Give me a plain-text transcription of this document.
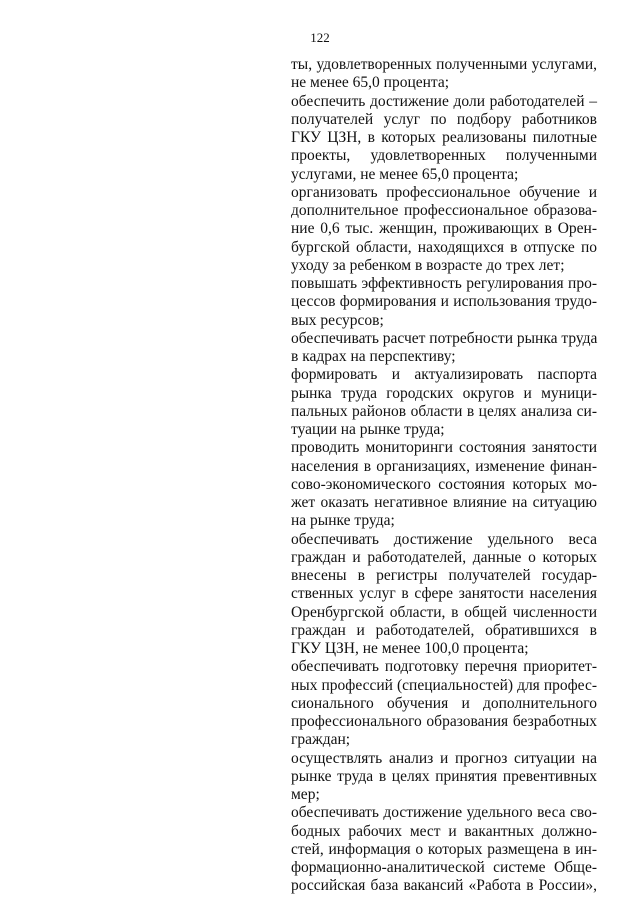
122
ты, удовлетворенных полученными услугами,
не менее 65,0 процента;
обеспечить достижение доли работодателей –
получателей услуг по подбору работников
ГКУ ЦЗН, в которых реализованы пилотные
проекты, удовлетворенных полученными
услугами, не менее 65,0 процента;
организовать профессиональное обучение и
дополнительное профессиональное образова-
ние 0,6 тыс. женщин, проживающих в Орен-
бургской области, находящихся в отпуске по
уходу за ребенком в возрасте до трех лет;
повышать эффективность регулирования про-
цессов формирования и использования трудо-
вых ресурсов;
обеспечивать расчет потребности рынка труда
в кадрах на перспективу;
формировать и актуализировать паспорта
рынка труда городских округов и муници-
пальных районов области в целях анализа си-
туации на рынке труда;
проводить мониторинги состояния занятости
населения в организациях, изменение финан-
сово-экономического состояния которых мо-
жет оказать негативное влияние на ситуацию
на рынке труда;
обеспечивать достижение удельного веса
граждан и работодателей, данные о которых
внесены в регистры получателей государ-
ственных услуг в сфере занятости населения
Оренбургской области, в общей численности
граждан и работодателей, обратившихся в
ГКУ ЦЗН, не менее 100,0 процента;
обеспечивать подготовку перечня приоритет-
ных профессий (специальностей) для профес-
сионального обучения и дополнительного
профессионального образования безработных
граждан;
осуществлять анализ и прогноз ситуации на
рынке труда в целях принятия превентивных
мер;
обеспечивать достижение удельного веса сво-
бодных рабочих мест и вакантных должно-
стей, информация о которых размещена в ин-
формационно-аналитической системе Обще-
российская база вакансий «Работа в России»,
